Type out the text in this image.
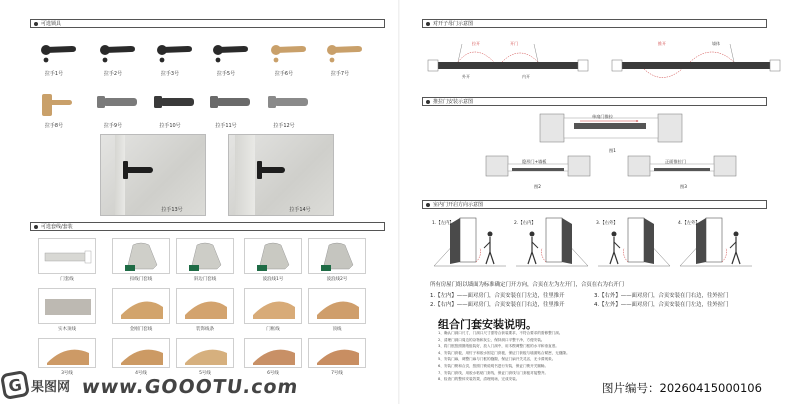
可选锁具
拉手1号	拉手2号	拉手3号	拉手5号	拉手6号	拉手7号
拉手8号	拉手9号	拉手10号	拉手11号	拉手12号
拉手13号	拉手14号
可选套线/套装
门套线	扣线门套线	斜边门套线	波浪线1号	波浪线2号
实木顶线	金刚门套线	装饰线条	门框线	顶线
3号线	4号线	5号线	6号线	7号线
G 果图网 www.GOOOTU.com
对开子母门示意图
拉开	开门
外开	内开
推开	墙体
推拉门安装示意图
单扇门推拉
图1
隐形门+墙板
图2
正面推拉门
图3
室内门开启方向示意图
1.【左内】	2.【右内】	3.【右外】	4.【左外】
所有房屋门组以墙面为标准确定门开方向，合页在左为左开门，合页在右为右开门
1.【左内】——面对房门，合页安装在门左边，往里推开
2.【右内】——面对房门，合页安装在门右边，往里推开
3.【右外】——面对房门，合页安装在门右边，往外拉门
4.【左外】——面对房门，合页安装在门左边，往外拉门
组合门套安装说明。
1、确认门洞口尺寸，门洞口尺寸需符合套装要求，不符合要求的需修整门洞。
2、清理门洞口周边的杂物和灰尘，保持洞口平整干净，方便安装。
3、将门框按照图纸组装好，放入门洞中，用木楔调整门框的水平和垂直度。
4、安装门套板，用钉子和胶水固定门套板，保证门套板与墙面贴合紧密，无缝隙。
5、安装门扇，调整门扇与门框的缝隙，保证门扇开关灵活，无卡滞现象。
6、安装门锁和合页，按照门锁说明书进行安装，保证门锁开关顺畅。
7、安装门套线，用胶水粘贴门套线，保证门套线与门套板对接整齐。
8、检查门的整体安装效果，清理现场，完成安装。
图片编号：20260415000106
